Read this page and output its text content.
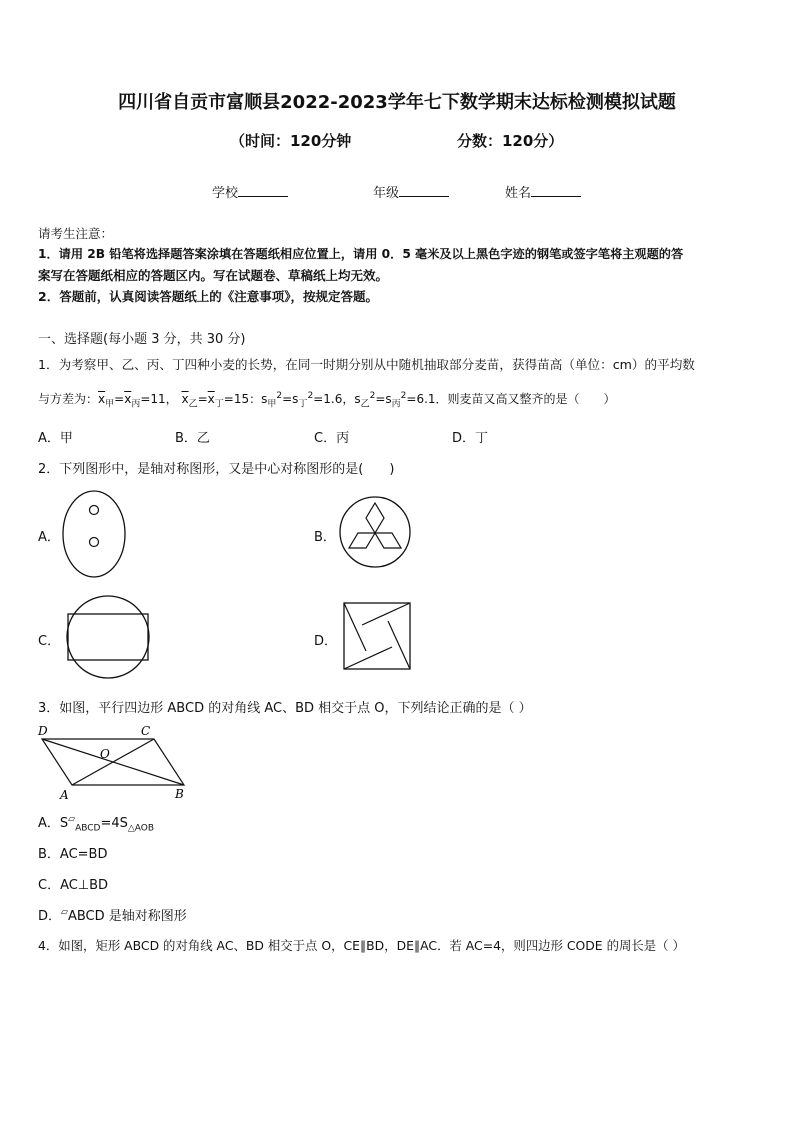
四川省自贡市富顺县2022-2023学年七下数学期末达标检测模拟试题
（时间：120分钟	分数：120分）
学校	年级	姓名
请考生注意：
1．请用 2B 铅笔将选择题答案涂填在答题纸相应位置上，请用 0．5 毫米及以上黑色字迹的钢笔或签字笔将主观题的答
案写在答题纸相应的答题区内。写在试题卷、草稿纸上均无效。
2．答题前，认真阅读答题纸上的《注意事项》，按规定答题。
一、选择题(每小题 3 分，共 30 分)
1．为考察甲、乙、丙、丁四种小麦的长势，在同一时期分别从中随机抽取部分麦苗，获得苗高（单位：cm）的平均数
与方差为：$\overline{x}_甲=\overline{x}_丙=11$， $\overline{x}_乙=\overline{x}_丁=15$：$s_甲^2=s_丁^2=1.6$，$s_乙^2=s_丙^2=6.1$．则麦苗又高又整齐的是（　　）
A．甲	B．乙	C．丙	D．丁
2．下列图形中，是轴对称图形，又是中心对称图形的是(　　)
A．	B．
C．	D．
3．如图，平行四边形 ABCD 的对角线 AC、BD 相交于点 O，下列结论正确的是（ ）
D	C
O
A	B
A．$S^▱_{ABCD}=4S_{\triangle AOB}$
B．AC=BD
C．AC⊥BD
D．▱ABCD 是轴对称图形
4．如图，矩形 ABCD 的对角线 AC、BD 相交于点 O，CE∥BD，DE∥AC．若 AC=4，则四边形 CODE 的周长是（ ）
